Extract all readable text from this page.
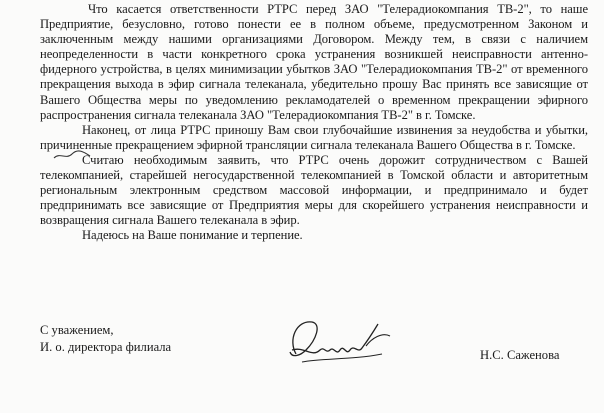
Что касается ответственности РТРС перед ЗАО "Телерадиокомпания ТВ-2", то наше Предприятие, безусловно, готово понести ее в полном объеме, предусмотренном Законом и заключенным между нашими организациями Договором. Между тем, в связи с наличием неопределенности в части конкретного срока устранения возникшей неисправности антенно-фидерного устройства, в целях минимизации убытков ЗАО "Телерадиокомпания ТВ-2" от временного прекращения выхода в эфир сигнала телеканала, убедительно прошу Вас принять все зависящие от Вашего Общества меры по уведомлению рекламодателей о временном прекращении эфирного распространения сигнала телеканала ЗАО "Телерадиокомпания ТВ-2" в г. Томске.

Наконец, от лица РТРС приношу Вам свои глубочайшие извинения за неудобства и убытки, причиненные прекращением эфирной трансляции сигнала телеканала Вашего Общества в г. Томске.

Считаю необходимым заявить, что РТРС очень дорожит сотрудничеством с Вашей телекомпанией, старейшей негосударственной телекомпанией в Томской области и авторитетным региональным электронным средством массовой информации, и предпринимало и будет предпринимать все зависящие от Предприятия меры для скорейшего устранения неисправности и возвращения сигнала Вашего телеканала в эфир.

Надеюсь на Ваше понимание и терпение.

С уважением,
И. о. директора филиала
Н.С. Саженова
